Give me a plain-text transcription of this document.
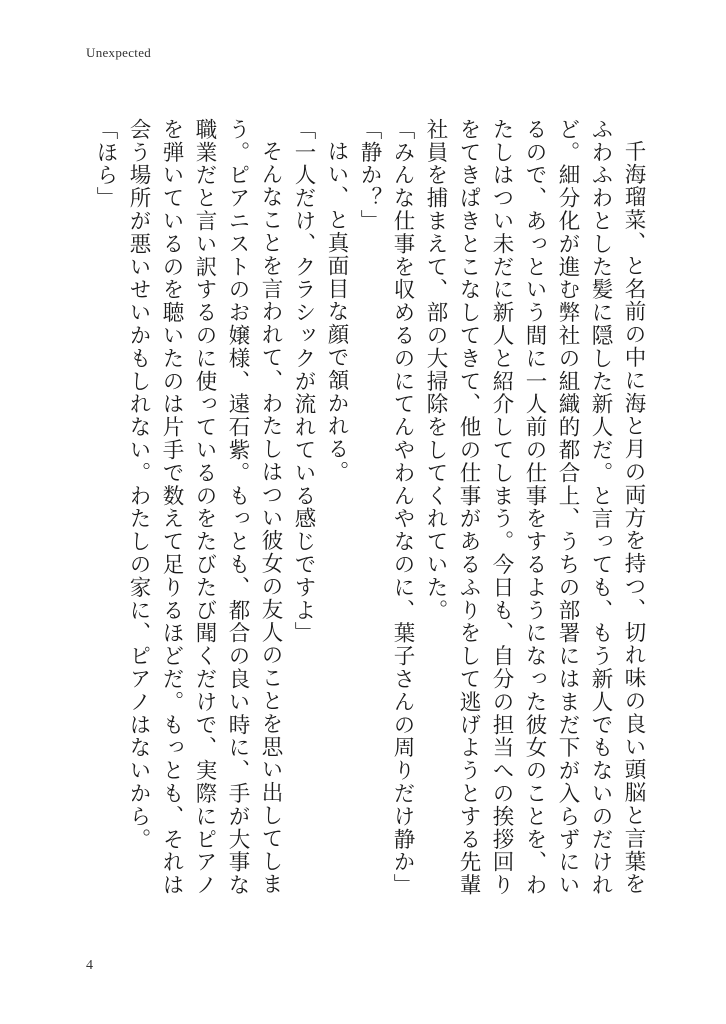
Unexpected

千海瑠菜、と名前の中に海と月の両方を持つ、切れ味の良い頭脳と言葉をふわふわとした髪に隠した新人だ。と言っても、もう新人でもないのだけれど。細分化が進む弊社の組織的都合上、うちの部署にはまだ下が入らずにいるので、あっという間に一人前の仕事をするようになった彼女のことを、わたしはつい未だに新人と紹介してしまう。今日も、自分の担当への挨拶回りをてきぱきとこなしてきて、他の仕事があるふりをして逃げようとする先輩社員を捕まえて、部の大掃除をしてくれていた。

「みんな仕事を収めるのにてんやわんやなのに、葉子さんの周りだけ静か」

「静か？」

はい、と真面目な顔で頷かれる。

「一人だけ、クラシックが流れている感じですよ」

そんなことを言われて、わたしはつい彼女の友人のことを思い出してしまう。ピアニストのお嬢様、遠石紫。もっとも、都合の良い時に、手が大事な職業だと言い訳するのに使っているのをたびたび聞くだけで、実際にピアノを弾いているのを聴いたのは片手で数えて足りるほどだ。もっとも、それは会う場所が悪いせいかもしれない。わたしの家に、ピアノはないから。

「ほら」

4
